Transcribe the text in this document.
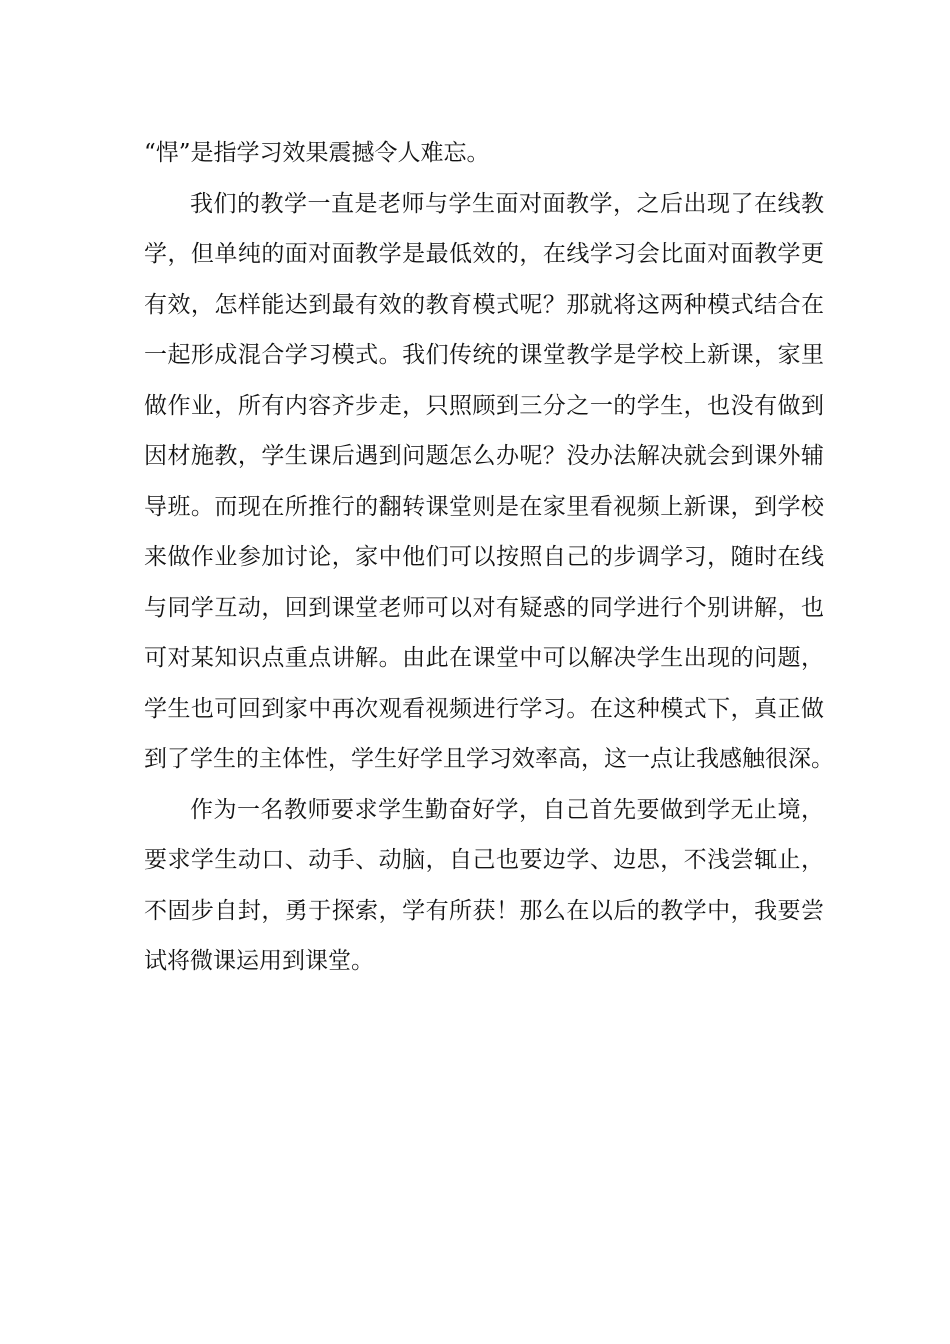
“悍”是指学习效果震撼令人难忘。
我们的教学一直是老师与学生面对面教学，之后出现了在线教
学，但单纯的面对面教学是最低效的，在线学习会比面对面教学更
有效，怎样能达到最有效的教育模式呢？那就将这两种模式结合在
一起形成混合学习模式。我们传统的课堂教学是学校上新课，家里
做作业，所有内容齐步走，只照顾到三分之一的学生，也没有做到
因材施教，学生课后遇到问题怎么办呢？没办法解决就会到课外辅
导班。而现在所推行的翻转课堂则是在家里看视频上新课，到学校
来做作业参加讨论，家中他们可以按照自己的步调学习，随时在线
与同学互动，回到课堂老师可以对有疑惑的同学进行个别讲解，也
可对某知识点重点讲解。由此在课堂中可以解决学生出现的问题，
学生也可回到家中再次观看视频进行学习。在这种模式下，真正做
到了学生的主体性，学生好学且学习效率高，这一点让我感触很深。
作为一名教师要求学生勤奋好学，自己首先要做到学无止境，
要求学生动口、动手、动脑，自己也要边学、边思，不浅尝辄止，
不固步自封，勇于探索，学有所获！那么在以后的教学中，我要尝
试将微课运用到课堂。
